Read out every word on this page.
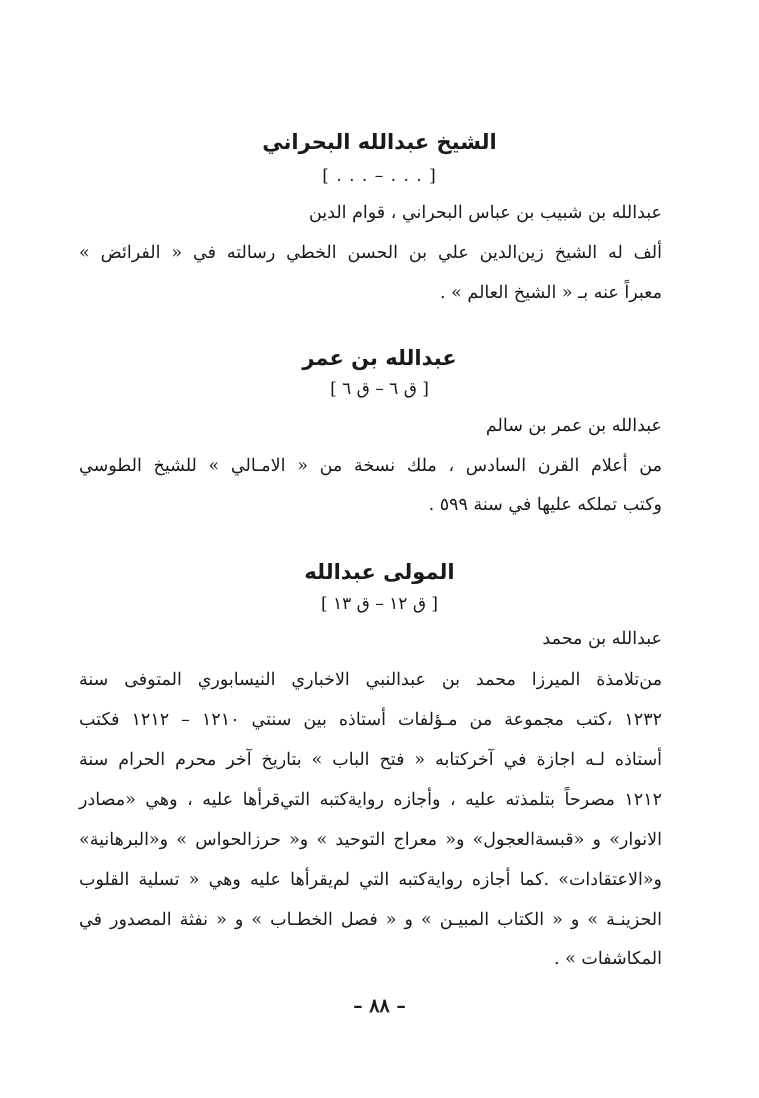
الشيخ عبدالله البحراني
[ . . . – . . . ]
عبدالله بن شبيب بن عباس البحراني ، قوام الدين
ألف له الشيخ زين‌الدين علي بن الحسن الخطي رسالته في « الفرائض »
معبراً عنه بـ « الشيخ العالم » .
عبدالله بن عمر
[ ق ٦ – ق ٦ ]
عبدالله بن عمر بن سالم
من أعلام القرن السادس ، ملك نسخة من « الامـالي » للشيخ الطوسي
وكتب تملكه عليها في سنة ٥٩٩ .
المولى عبدالله
[ ق ١٢ – ق ١٣ ]
عبدالله بن محمد
من‌تلامذة الميرزا محمد بن عبدالنبي الاخباري النيسابوري المتوفى سنة
١٢٣٢ ،كتب مجموعة من مـؤلفات أستاذه بين سنتي ١٢١٠ – ١٢١٢ فكتب
أستاذه لـه اجازة في آخركتابه « فتح الباب » بتاريخ آخر محرم الحرام سنة
١٢١٢ مصرحاً بتلمذته عليه ، وأجازه روايةكتبه التي‌قرأها عليه ، وهي «مصادر
الانوار» و «قبسةالعجول» و« معراج التوحيد » و« حرزالحواس » و«البرهانية»
و«الاعتقادات» .كما أجازه روايةكتبه التي لم‌يقرأها عليه وهي « تسلية القلوب
الحزينـة » و « الكتاب المبيـن » و « فصل الخطـاب » و « نفثة المصدور في
المكاشفات » .
– ٨٨ –
